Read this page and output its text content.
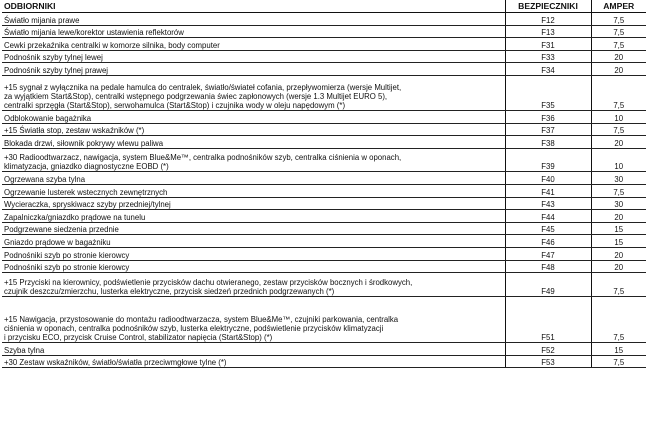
ODBIORNIKI	BEZPIECZNIKI	AMPER
Światło mijania prawe	F12	7,5
Światło mijania lewe/korektor ustawienia reflektorów	F13	7,5
Cewki przekaźnika centralki w komorze silnika, body computer	F31	7,5
Podnośnik szyby tylnej lewej	F33	20
Podnośnik szyby tylnej prawej	F34	20
+15 sygnał z wyłącznika na pedale hamulca do centralek, światło/świateł cofania, przepływomierza (wersje Multijet,
za wyjątkiem Start&Stop), centralki wstępnego podgrzewania świec zapłonowych (wersje 1.3 Multijet EURO 5),
centralki sprzęgła (Start&Stop), serwohamulca (Start&Stop) i czujnika wody w oleju napędowym (*)	F35	7,5
Odblokowanie bagażnika	F36	10
+15 Światła stop, zestaw wskaźników (*)	F37	7,5
Blokada drzwi, siłownik pokrywy wlewu paliwa	F38	20
+30 Radioodtwarzacz, nawigacja, system Blue&Me™, centralka podnośników szyb, centralka ciśnienia w oponach,
klimatyzacja, gniazdko diagnostyczne EOBD (*)	F39	10
Ogrzewana szyba tylna	F40	30
Ogrzewanie lusterek wstecznych zewnętrznych	F41	7,5
Wycieraczka, spryskiwacz szyby przedniej/tylnej	F43	30
Zapalniczka/gniazdko prądowe na tunelu	F44	20
Podgrzewane siedzenia przednie	F45	15
Gniazdo prądowe w bagażniku	F46	15
Podnośniki szyb po stronie kierowcy	F47	20
Podnośniki szyb po stronie kierowcy	F48	20
+15 Przyciski na kierownicy, podświetlenie przycisków dachu otwieranego, zestaw przycisków bocznych i środkowych,
czujnik deszczu/zmierzchu, lusterka elektryczne, przycisk siedzeń przednich podgrzewanych (*)	F49	7,5
+15 Nawigacja, przystosowanie do montażu radioodtwarzacza, system Blue&Me™, czujniki parkowania, centralka
ciśnienia w oponach, centralka podnośników szyb, lusterka elektryczne, podświetlenie przycisków klimatyzacji
i przycisku ECO, przycisk Cruise Control, stabilizator napięcia (Start&Stop) (*)	F51	7,5
Szyba tylna	F52	15
+30 Zestaw wskaźników, światło/światła przeciwmgłowe tylne (*)	F53	7,5
